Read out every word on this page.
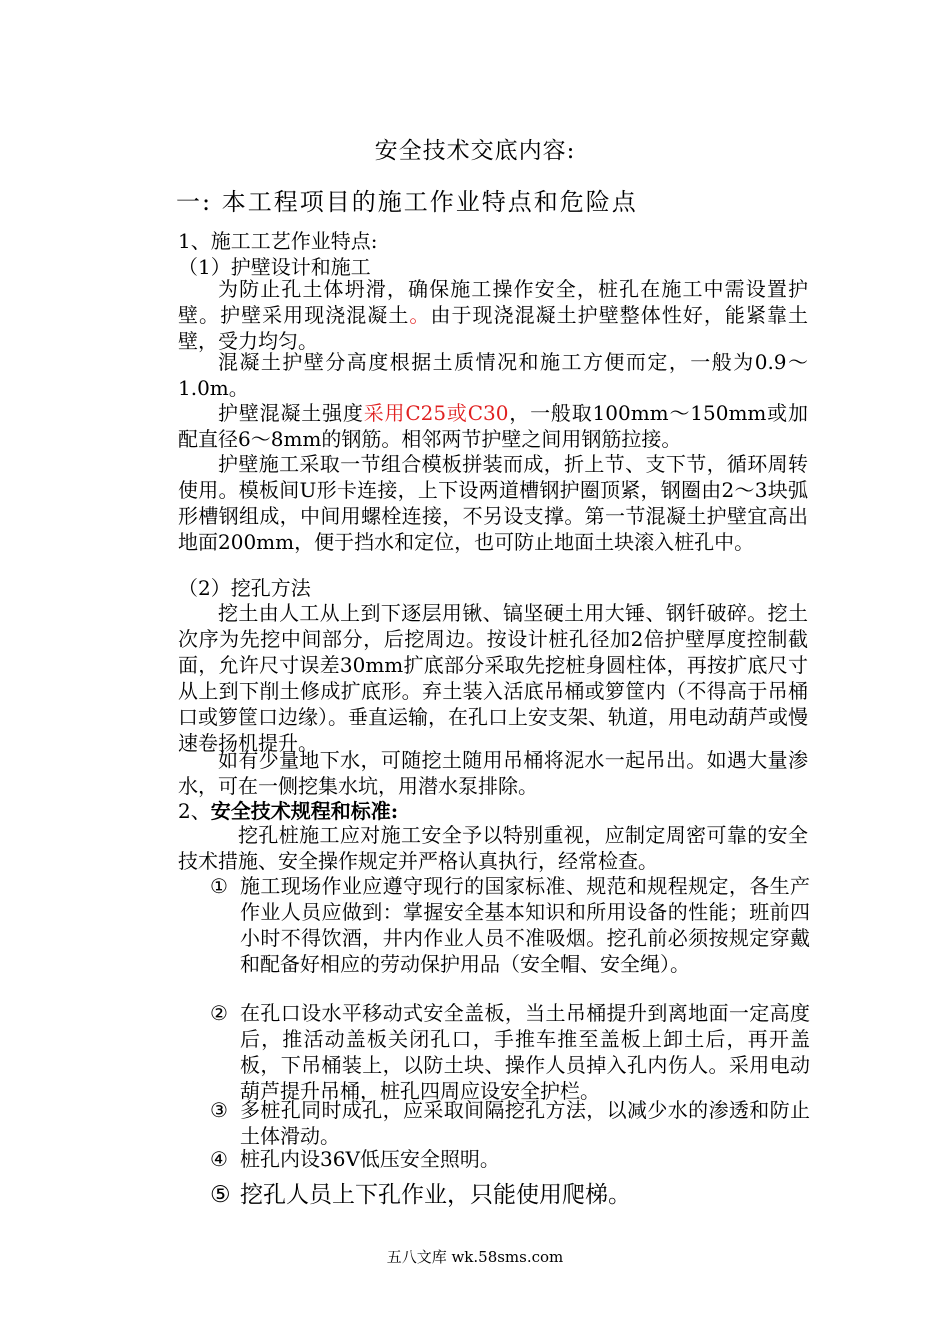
安全技术交底内容:
一: 本工程项目的施工作业特点和危险点
1、施工工艺作业特点:
（1）护壁设计和施工
为防止孔土体坍滑，确保施工操作安全，桩孔在施工中需设置护壁。护壁采用现浇混凝土。由于现浇混凝土护壁整体性好，能紧靠土壁，受力均匀。
混凝土护壁分高度根据土质情况和施工方便而定，一般为0.9～1.0m。
护壁混凝土强度采用C25或C30，一般取100mm～150mm或加配直径6～8mm的钢筋。相邻两节护壁之间用钢筋拉接。
护壁施工采取一节组合模板拼装而成，折上节、支下节，循环周转使用。模板间U形卡连接，上下设两道槽钢护圈顶紧，钢圈由2～3块弧形槽钢组成，中间用螺栓连接，不另设支撑。第一节混凝土护壁宜高出地面200mm，便于挡水和定位，也可防止地面土块滚入桩孔中。
（2）挖孔方法
挖土由人工从上到下逐层用锹、镐坚硬土用大锤、钢钎破碎。挖土次序为先挖中间部分，后挖周边。按设计桩孔径加2倍护壁厚度控制截面，允许尺寸误差30mm扩底部分采取先挖桩身圆柱体，再按扩底尺寸从上到下削土修成扩底形。弃土装入活底吊桶或箩筐内（不得高于吊桶口或箩筐口边缘）。垂直运输，在孔口上安支架、轨道，用电动葫芦或慢速卷扬机提升。
如有少量地下水，可随挖土随用吊桶将泥水一起吊出。如遇大量渗水，可在一侧挖集水坑，用潜水泵排除。
2、安全技术规程和标准:
挖孔桩施工应对施工安全予以特别重视，应制定周密可靠的安全技术措施、安全操作规定并严格认真执行，经常检查。
① 施工现场作业应遵守现行的国家标准、规范和规程规定，各生产作业人员应做到：掌握安全基本知识和所用设备的性能；班前四小时不得饮酒，井内作业人员不准吸烟。挖孔前必须按规定穿戴和配备好相应的劳动保护用品（安全帽、安全绳）。
② 在孔口设水平移动式安全盖板，当土吊桶提升到离地面一定高度后，推活动盖板关闭孔口，手推车推至盖板上卸土后，再开盖板，下吊桶装上，以防土块、操作人员掉入孔内伤人。采用电动葫芦提升吊桶，桩孔四周应设安全护栏。
③ 多桩孔同时成孔，应采取间隔挖孔方法，以减少水的渗透和防止土体滑动。
④ 桩孔内设36V低压安全照明。
⑤ 挖孔人员上下孔作业，只能使用爬梯。
五八文库 wk.58sms.com
